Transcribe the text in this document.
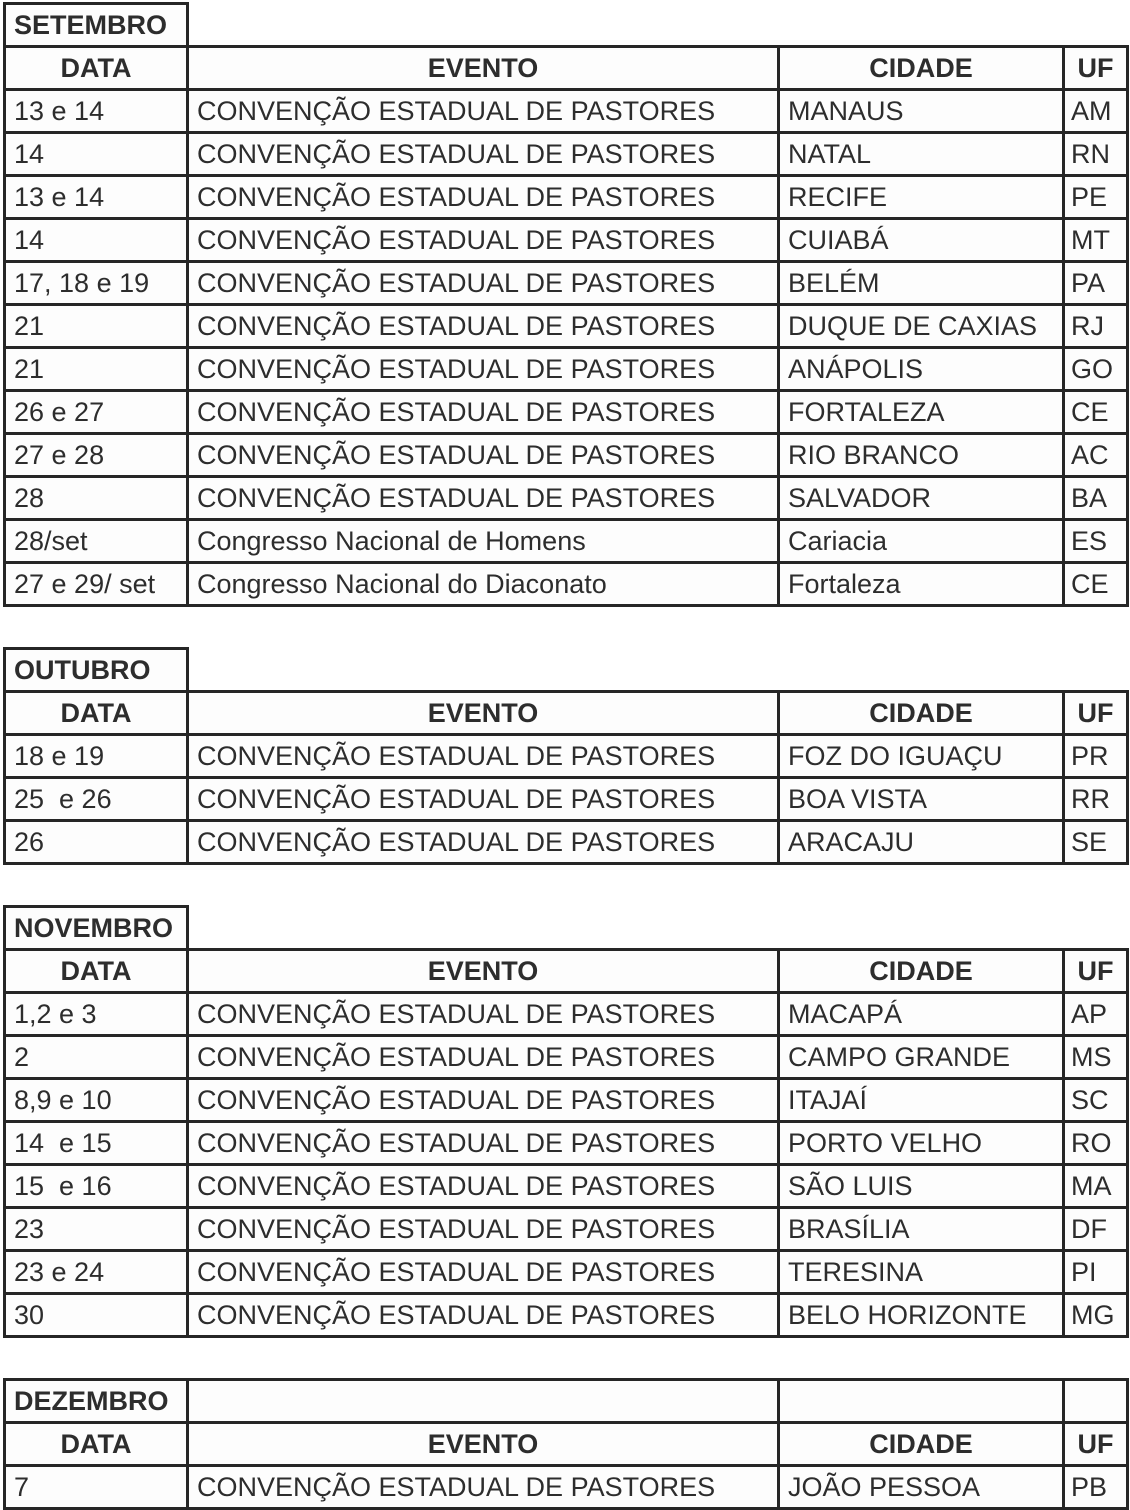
SETEMBRO			
DATA	EVENTO	CIDADE	UF
13 e 14	CONVENÇÃO ESTADUAL DE PASTORES	MANAUS	AM
14	CONVENÇÃO ESTADUAL DE PASTORES	NATAL	RN
13 e 14	CONVENÇÃO ESTADUAL DE PASTORES	RECIFE	PE
14	CONVENÇÃO ESTADUAL DE PASTORES	CUIABÁ	MT
17, 18 e 19	CONVENÇÃO ESTADUAL DE PASTORES	BELÉM	PA
21	CONVENÇÃO ESTADUAL DE PASTORES	DUQUE DE CAXIAS	RJ
21	CONVENÇÃO ESTADUAL DE PASTORES	ANÁPOLIS	GO
26 e 27	CONVENÇÃO ESTADUAL DE PASTORES	FORTALEZA	CE
27 e 28	CONVENÇÃO ESTADUAL DE PASTORES	RIO BRANCO	AC
28	CONVENÇÃO ESTADUAL DE PASTORES	SALVADOR	BA
28/set	Congresso Nacional de Homens	Cariacia	ES
27 e 29/ set	Congresso Nacional do Diaconato	Fortaleza	CE
OUTUBRO			
DATA	EVENTO	CIDADE	UF
18 e 19	CONVENÇÃO ESTADUAL DE PASTORES	FOZ DO IGUAÇU	PR
25  e 26	CONVENÇÃO ESTADUAL DE PASTORES	BOA VISTA	RR
26	CONVENÇÃO ESTADUAL DE PASTORES	ARACAJU	SE
NOVEMBRO			
DATA	EVENTO	CIDADE	UF
1,2 e 3	CONVENÇÃO ESTADUAL DE PASTORES	MACAPÁ	AP
2	CONVENÇÃO ESTADUAL DE PASTORES	CAMPO GRANDE	MS
8,9 e 10	CONVENÇÃO ESTADUAL DE PASTORES	ITAJAÍ	SC
14  e 15	CONVENÇÃO ESTADUAL DE PASTORES	PORTO VELHO	RO
15  e 16	CONVENÇÃO ESTADUAL DE PASTORES	SÃO LUIS	MA
23	CONVENÇÃO ESTADUAL DE PASTORES	BRASÍLIA	DF
23 e 24	CONVENÇÃO ESTADUAL DE PASTORES	TERESINA	PI
30	CONVENÇÃO ESTADUAL DE PASTORES	BELO HORIZONTE	MG
DEZEMBRO			
DATA	EVENTO	CIDADE	UF
7	CONVENÇÃO ESTADUAL DE PASTORES	JOÃO PESSOA	PB
